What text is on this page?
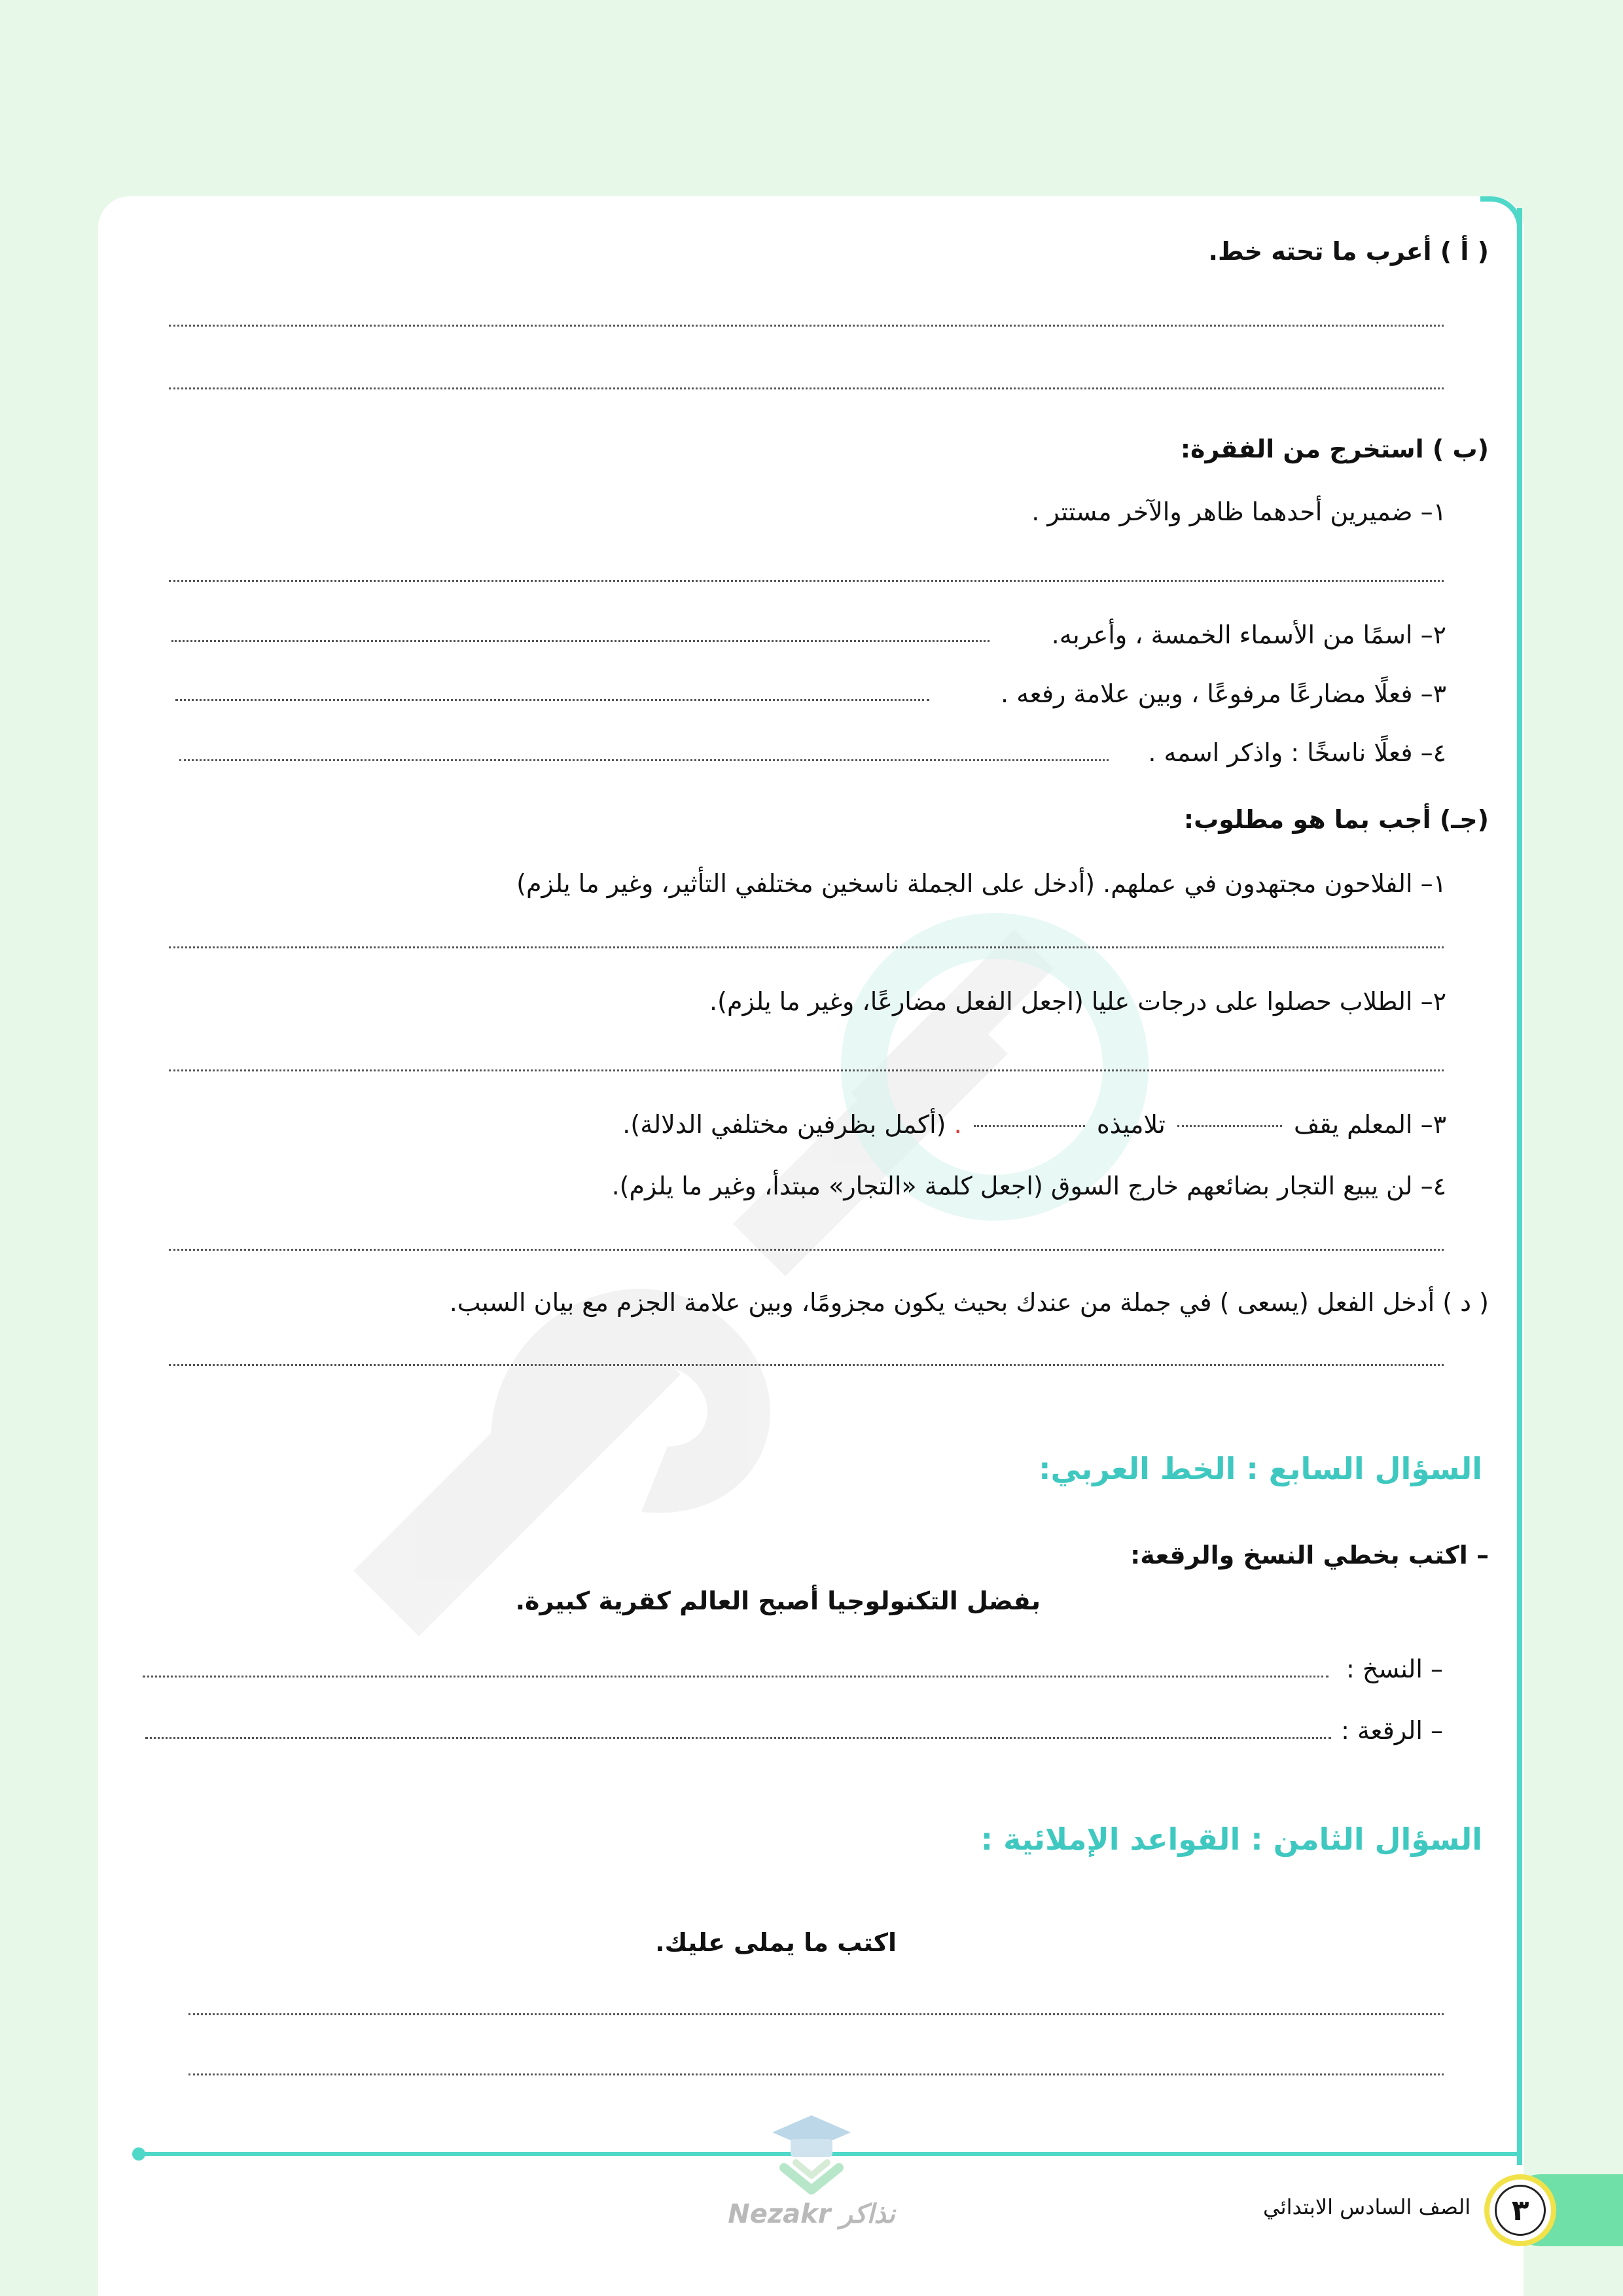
( أ ) أعرب ما تحته خط.
(ب ) استخرج من الفقرة:
١– ضميرين أحدهما ظاهر والآخر مستتر .
٢– اسمًا من الأسماء الخمسة ، وأعربه.
٣– فعلًا مضارعًا مرفوعًا ، وبين علامة رفعه .
٤– فعلًا ناسخًا : واذكر اسمه .
(جـ) أجب بما هو مطلوب:
١– الفلاحون مجتهدون في عملهم. (أدخل على الجملة ناسخين مختلفي التأثير، وغير ما يلزم)
٢– الطلاب حصلوا على درجات عليا (اجعل الفعل مضارعًا، وغير ما يلزم).
٣– المعلم يقف  تلاميذه  . (أكمل بظرفين مختلفي الدلالة).
٤– لن يبيع التجار بضائعهم خارج السوق (اجعل كلمة «التجار» مبتدأ، وغير ما يلزم).
( د ) أدخل الفعل (يسعى ) في جملة من عندك بحيث يكون مجزومًا، وبين علامة الجزم مع بيان السبب.
السؤال السابع : الخط العربي:
– اكتب بخطي النسخ والرقعة:
بفضل التكنولوجيا أصبح العالم كقرية كبيرة.
– النسخ :
– الرقعة :
السؤال الثامن : القواعد الإملائية :
اكتب ما يملى عليك.
Nezakr نذاكر	الصف السادس الابتدائي	٣
